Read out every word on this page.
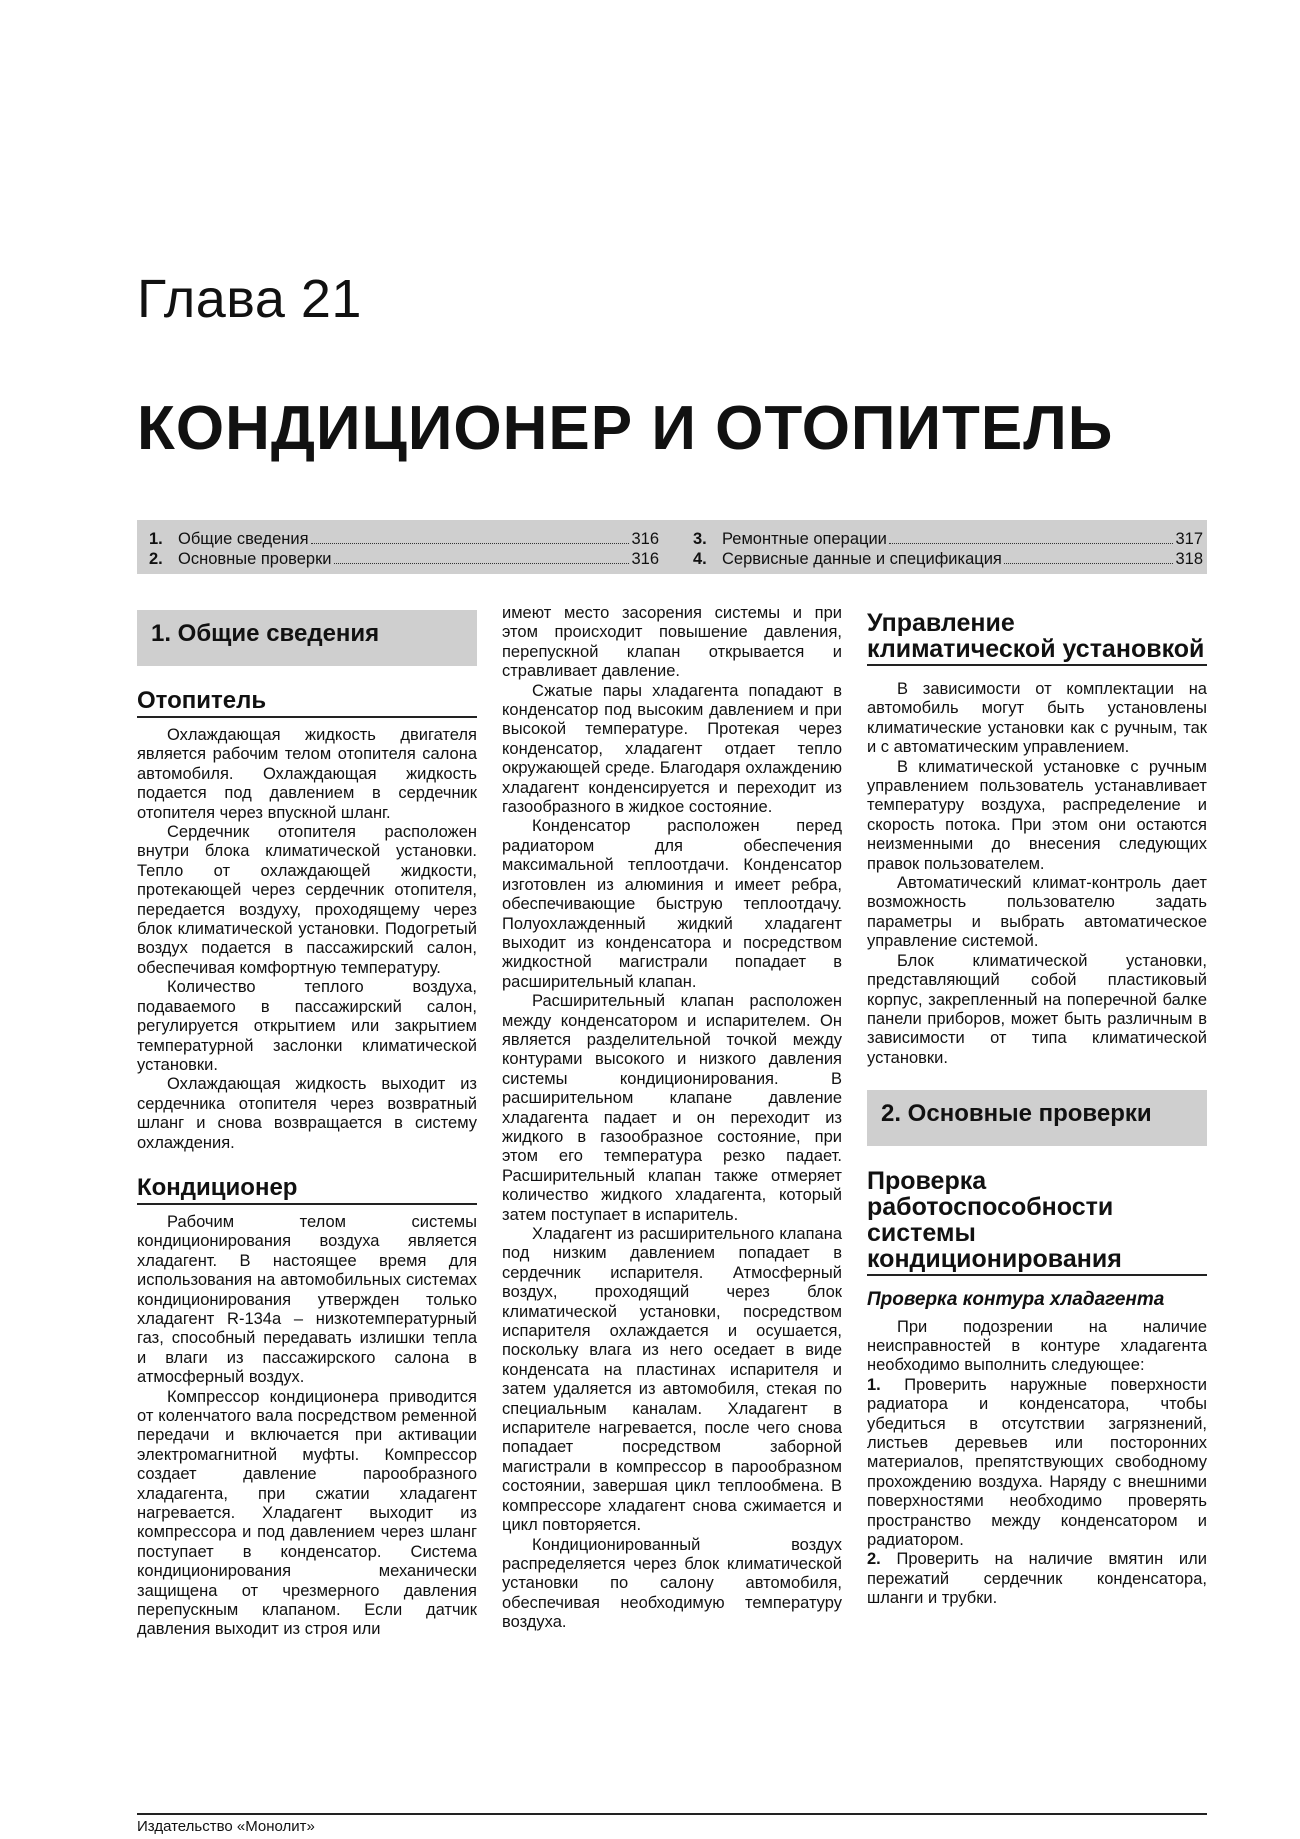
Глава 21
КОНДИЦИОНЕР И ОТОПИТЕЛЬ
1. Общие сведения	316
2. Основные проверки	316
3. Ремонтные операции	317
4. Сервисные данные и спецификация	318
1. Общие сведения
Отопитель

Охлаждающая жидкость двигателя является рабочим телом отопителя салона автомобиля. Охлаждающая жидкость подается под давлением в сердечник отопителя через впускной шланг.

Сердечник отопителя расположен внутри блока климатической установки. Тепло от охлаждающей жидкости, протекающей через сердечник отопителя, передается воздуху, проходящему через блок климатической установки. Подогретый воздух подается в пассажирский салон, обеспечивая комфортную температуру.

Количество теплого воздуха, подаваемого в пассажирский салон, регулируется открытием или закрытием температурной заслонки климатической установки.

Охлаждающая жидкость выходит из сердечника отопителя через возвратный шланг и снова возвращается в систему охлаждения.

Кондиционер

Рабочим телом системы кондиционирования воздуха является хладагент. В настоящее время для использования на автомобильных системах кондиционирования утвержден только хладагент R-134a – низкотемпературный газ, способный передавать излишки тепла и влаги из пассажирского салона в атмосферный воздух.

Компрессор кондиционера приводится от коленчатого вала посредством ременной передачи и включается при активации электромагнитной муфты. Компрессор создает давление парообразного хладагента, при сжатии хладагент нагревается. Хладагент выходит из компрессора и под давлением через шланг поступает в конденсатор. Система кондиционирования механически защищена от чрезмерного давления перепускным клапаном. Если датчик давления выходит из строя или

имеют место засорения системы и при этом происходит повышение давления, перепускной клапан открывается и стравливает давление.

Сжатые пары хладагента попадают в конденсатор под высоким давлением и при высокой температуре. Протекая через конденсатор, хладагент отдает тепло окружающей среде. Благодаря охлаждению хладагент конденсируется и переходит из газообразного в жидкое состояние.

Конденсатор расположен перед радиатором для обеспечения максимальной теплоотдачи. Конденсатор изготовлен из алюминия и имеет ребра, обеспечивающие быструю теплоотдачу. Полуохлажденный жидкий хладагент выходит из конденсатора и посредством жидкостной магистрали попадает в расширительный клапан.

Расширительный клапан расположен между конденсатором и испарителем. Он является разделительной точкой между контурами высокого и низкого давления системы кондиционирования. В расширительном клапане давление хладагента падает и он переходит из жидкого в газообразное состояние, при этом его температура резко падает. Расширительный клапан также отмеряет количество жидкого хладагента, который затем поступает в испаритель.

Хладагент из расширительного клапана под низким давлением попадает в сердечник испарителя. Атмосферный воздух, проходящий через блок климатической установки, посредством испарителя охлаждается и осушается, поскольку влага из него оседает в виде конденсата на пластинах испарителя и затем удаляется из автомобиля, стекая по специальным каналам. Хладагент в испарителе нагревается, после чего снова попадает посредством заборной магистрали в компрессор в парообразном состоянии, завершая цикл теплообмена. В компрессоре хладагент снова сжимается и цикл повторяется.

Кондиционированный воздух распределяется через блок климатической установки по салону автомобиля, обеспечивая необходимую температуру воздуха.

Управление климатической установкой

В зависимости от комплектации на автомобиль могут быть установлены климатические установки как с ручным, так и с автоматическим управлением.

В климатической установке с ручным управлением пользователь устанавливает температуру воздуха, распределение и скорость потока. При этом они остаются неизменными до внесения следующих правок пользователем.

Автоматический климат-контроль дает возможность пользователю задать параметры и выбрать автоматическое управление системой.

Блок климатической установки, представляющий собой пластиковый корпус, закрепленный на поперечной балке панели приборов, может быть различным в зависимости от типа климатической установки.

2. Основные проверки
Проверка работоспособности системы кондиционирования
Проверка контура хладагента

При подозрении на наличие неисправностей в контуре хладагента необходимо выполнить следующее:

1. Проверить наружные поверхности радиатора и конденсатора, чтобы убедиться в отсутствии загрязнений, листьев деревьев или посторонних материалов, препятствующих свободному прохождению воздуха. Наряду с внешними поверхностями необходимо проверять пространство между конденсатором и радиатором.

2. Проверить на наличие вмятин или пережатий сердечник конденсатора, шланги и трубки.

Издательство «Монолит»
